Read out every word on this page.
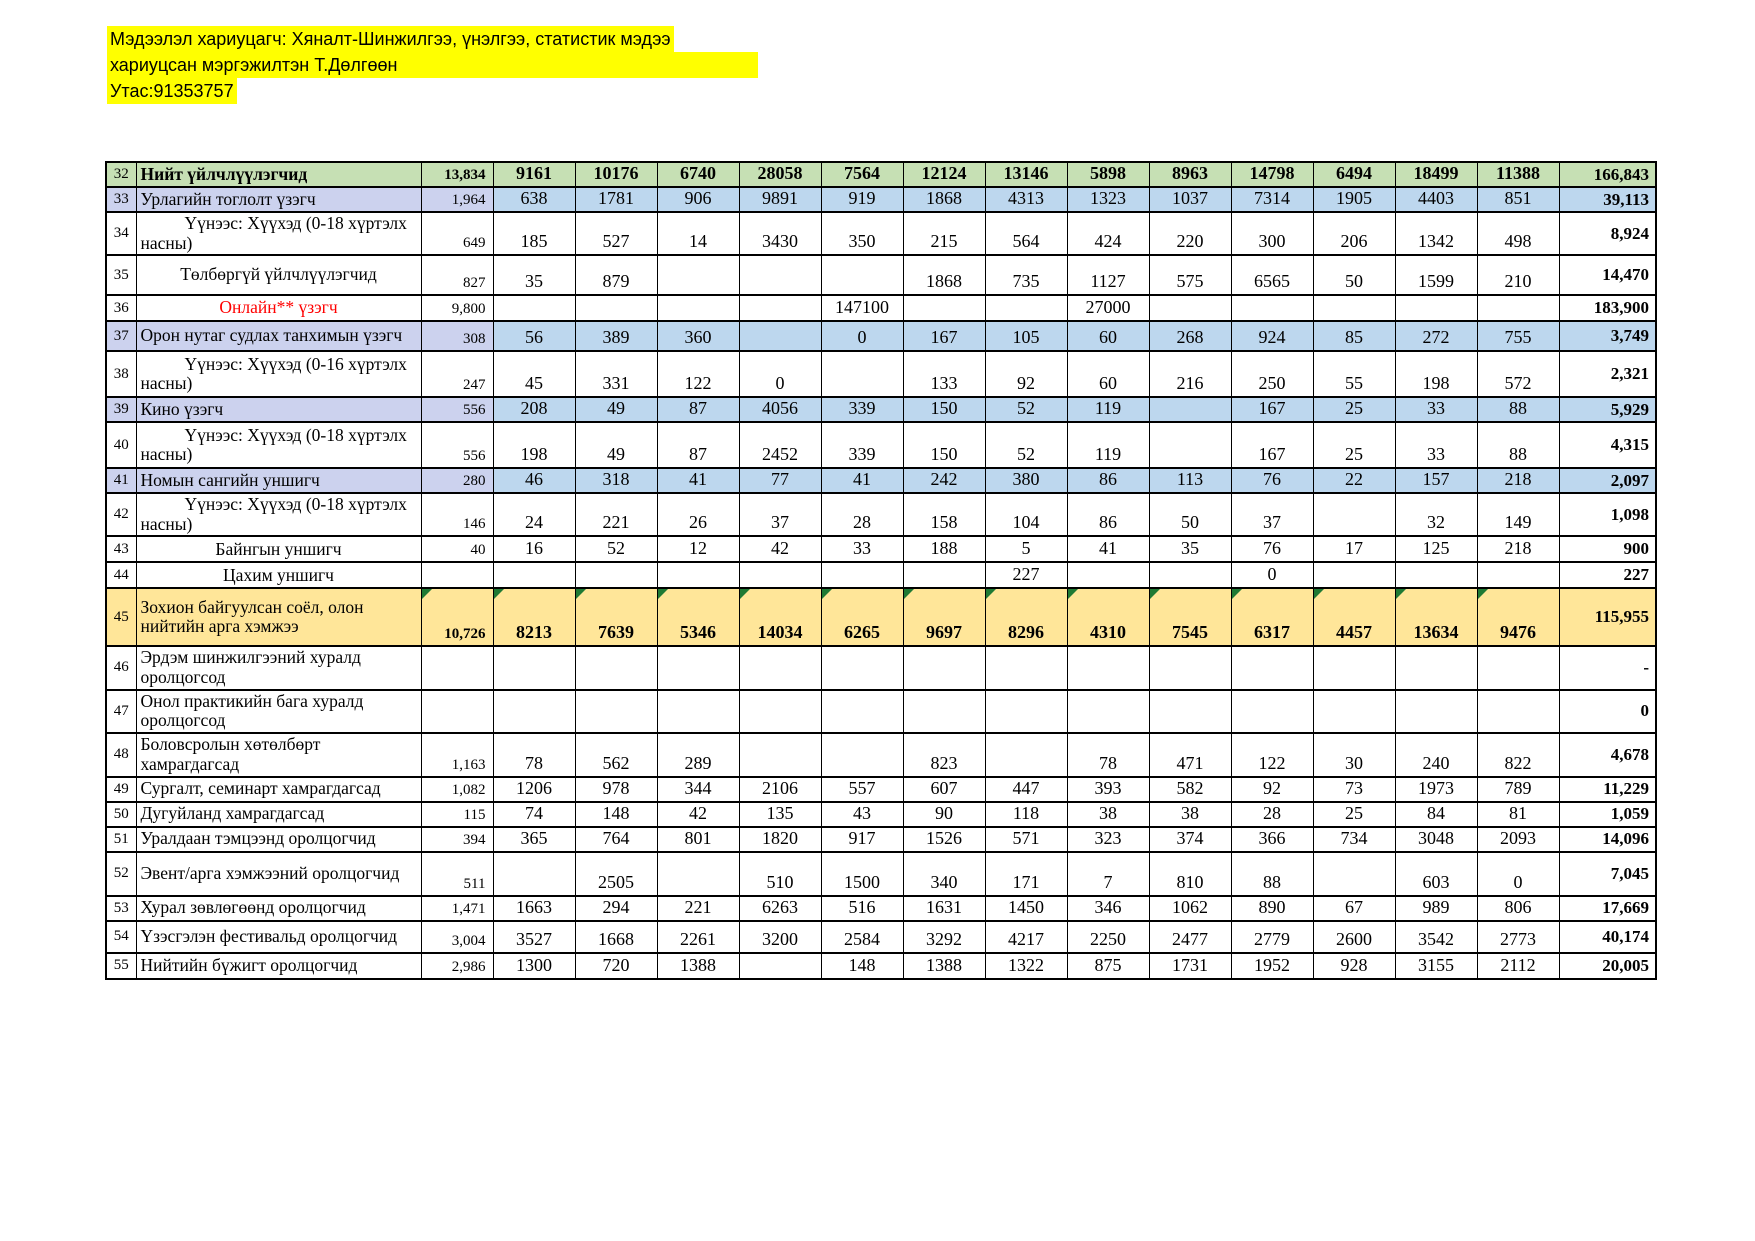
Мэдээлэл хариуцагч: Хяналт-Шинжилгээ, үнэлгээ, статистик мэдээ
хариуцсан мэргэжилтэн Т.Дөлгөөн
Утас:91353757
32	Нийт үйлчлүүлэгчид	13,834	9161	10176	6740	28058	7564	12124	13146	5898	8963	14798	6494	18499	11388	166,843
33	Урлагийн тоглолт үзэгч	1,964	638	1781	906	9891	919	1868	4313	1323	1037	7314	1905	4403	851	39,113
34	Үүнээс: Хүүхэд (0-18 хүртэлх насны)	649	185	527	14	3430	350	215	564	424	220	300	206	1342	498	8,924
35	Төлбөргүй үйлчлүүлэгчид	827	35	879				1868	735	1127	575	6565	50	1599	210	14,470
36	Онлайн** үзэгч	9,800					147100			27000						183,900
37	Орон нутаг судлах танхимын үзэгч	308	56	389	360		0	167	105	60	268	924	85	272	755	3,749
38	Үүнээс: Хүүхэд (0-16 хүртэлх насны)	247	45	331	122	0		133	92	60	216	250	55	198	572	2,321
39	Кино үзэгч	556	208	49	87	4056	339	150	52	119		167	25	33	88	5,929
40	Үүнээс: Хүүхэд (0-18 хүртэлх насны)	556	198	49	87	2452	339	150	52	119		167	25	33	88	4,315
41	Номын сангийн уншигч	280	46	318	41	77	41	242	380	86	113	76	22	157	218	2,097
42	Үүнээс: Хүүхэд (0-18 хүртэлх насны)	146	24	221	26	37	28	158	104	86	50	37		32	149	1,098
43	Байнгын уншигч	40	16	52	12	42	33	188	5	41	35	76	17	125	218	900
44	Цахим уншигч								227			0				227
45	Зохион байгуулсан соёл, олон нийтийн арга хэмжээ	10,726	8213	7639	5346	14034	6265	9697	8296	4310	7545	6317	4457	13634	9476	115,955
46	Эрдэм шинжилгээний хуралд оролцогсод															-
47	Онол практикийн бага хуралд оролцогсод															0
48	Боловсролын хөтөлбөрт хамрагдагсад	1,163	78	562	289			823		78	471	122	30	240	822	4,678
49	Сургалт, семинарт хамрагдагсад	1,082	1206	978	344	2106	557	607	447	393	582	92	73	1973	789	11,229
50	Дугуйланд хамрагдагсад	115	74	148	42	135	43	90	118	38	38	28	25	84	81	1,059
51	Уралдаан тэмцээнд оролцогчид	394	365	764	801	1820	917	1526	571	323	374	366	734	3048	2093	14,096
52	Эвент/арга хэмжээний оролцогчид	511		2505		510	1500	340	171	7	810	88		603	0	7,045
53	Хурал зөвлөгөөнд оролцогчид	1,471	1663	294	221	6263	516	1631	1450	346	1062	890	67	989	806	17,669
54	Үзэсгэлэн фестивальд оролцогчид	3,004	3527	1668	2261	3200	2584	3292	4217	2250	2477	2779	2600	3542	2773	40,174
55	Нийтийн бүжигт оролцогчид	2,986	1300	720	1388		148	1388	1322	875	1731	1952	928	3155	2112	20,005
